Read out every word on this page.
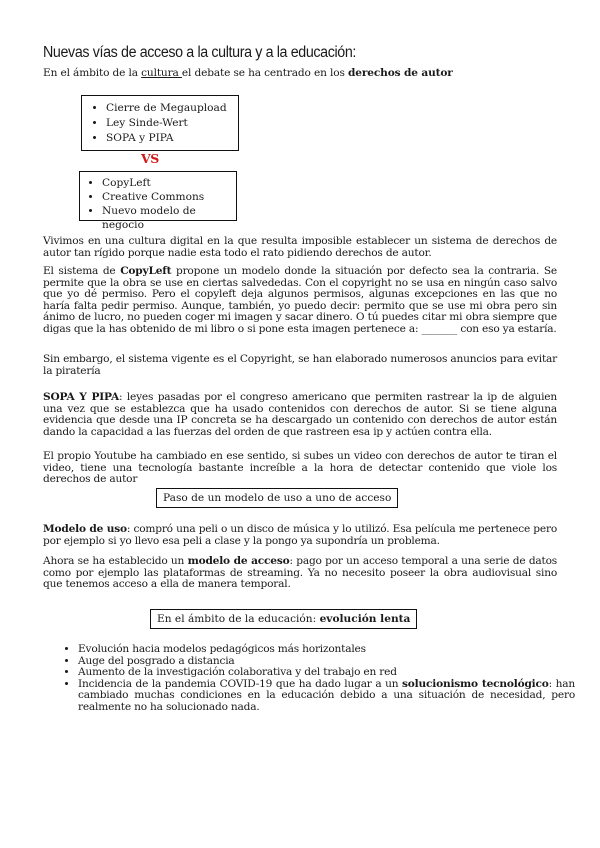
Nuevas vías de acceso a la cultura y a la educación:
En el ámbito de la cultura el debate se ha centrado en los derechos de autor
• Cierre de Megaupload
• Ley Sinde-Wert
• SOPA y PIPA
VS
• CopyLeft
• Creative Commons
• Nuevo modelo de negocio

Vivimos en una cultura digital en la que resulta imposible establecer un sistema de derechos de autor tan rígido porque nadie esta todo el rato pidiendo derechos de autor.

El sistema de CopyLeft propone un modelo donde la situación por defecto sea la contraria. Se permite que la obra se use en ciertas salvededas. Con el copyright no se usa en ningún caso salvo que yo dé permiso. Pero el copyleft deja algunos permisos, algunas excepciones en las que no haría falta pedir permiso. Aunque, también, yo puedo decir: permito que se use mi obra pero sin ánimo de lucro, no pueden coger mi imagen y sacar dinero. O tú puedes citar mi obra siempre que digas que la has obtenido de mi libro o si pone esta imagen pertenece a: _______ con eso ya estaría.

Sin embargo, el sistema vigente es el Copyright, se han elaborado numerosos anuncios para evitar la piratería

SOPA Y PIPA: leyes pasadas por el congreso americano que permiten rastrear la ip de alguien una vez que se establezca que ha usado contenidos con derechos de autor. Si se tiene alguna evidencia que desde una IP concreta se ha descargado un contenido con derechos de autor están dando la capacidad a las fuerzas del orden de que rastreen esa ip y actúen contra ella.

El propio Youtube ha cambiado en ese sentido, si subes un video con derechos de autor te tiran el video, tiene una tecnología bastante increíble a la hora de detectar contenido que viole los derechos de autor

Paso de un modelo de uso a uno de acceso

Modelo de uso: compró una peli o un disco de música y lo utilizó. Esa película me pertenece pero por ejemplo si yo llevo esa peli a clase y la pongo ya supondría un problema.

Ahora se ha establecido un modelo de acceso: pago por un acceso temporal a una serie de datos como por ejemplo las plataformas de streaming. Ya no necesito poseer la obra audiovisual sino que tenemos acceso a ella de manera temporal.

En el ámbito de la educación: evolución lenta
• Evolución hacia modelos pedagógicos más horizontales
• Auge del posgrado a distancia
• Aumento de la investigación colaborativa y del trabajo en red
• Incidencia de la pandemia COVID-19 que ha dado lugar a un solucionismo tecnológico: han cambiado muchas condiciones en la educación debido a una situación de necesidad, pero realmente no ha solucionado nada.
